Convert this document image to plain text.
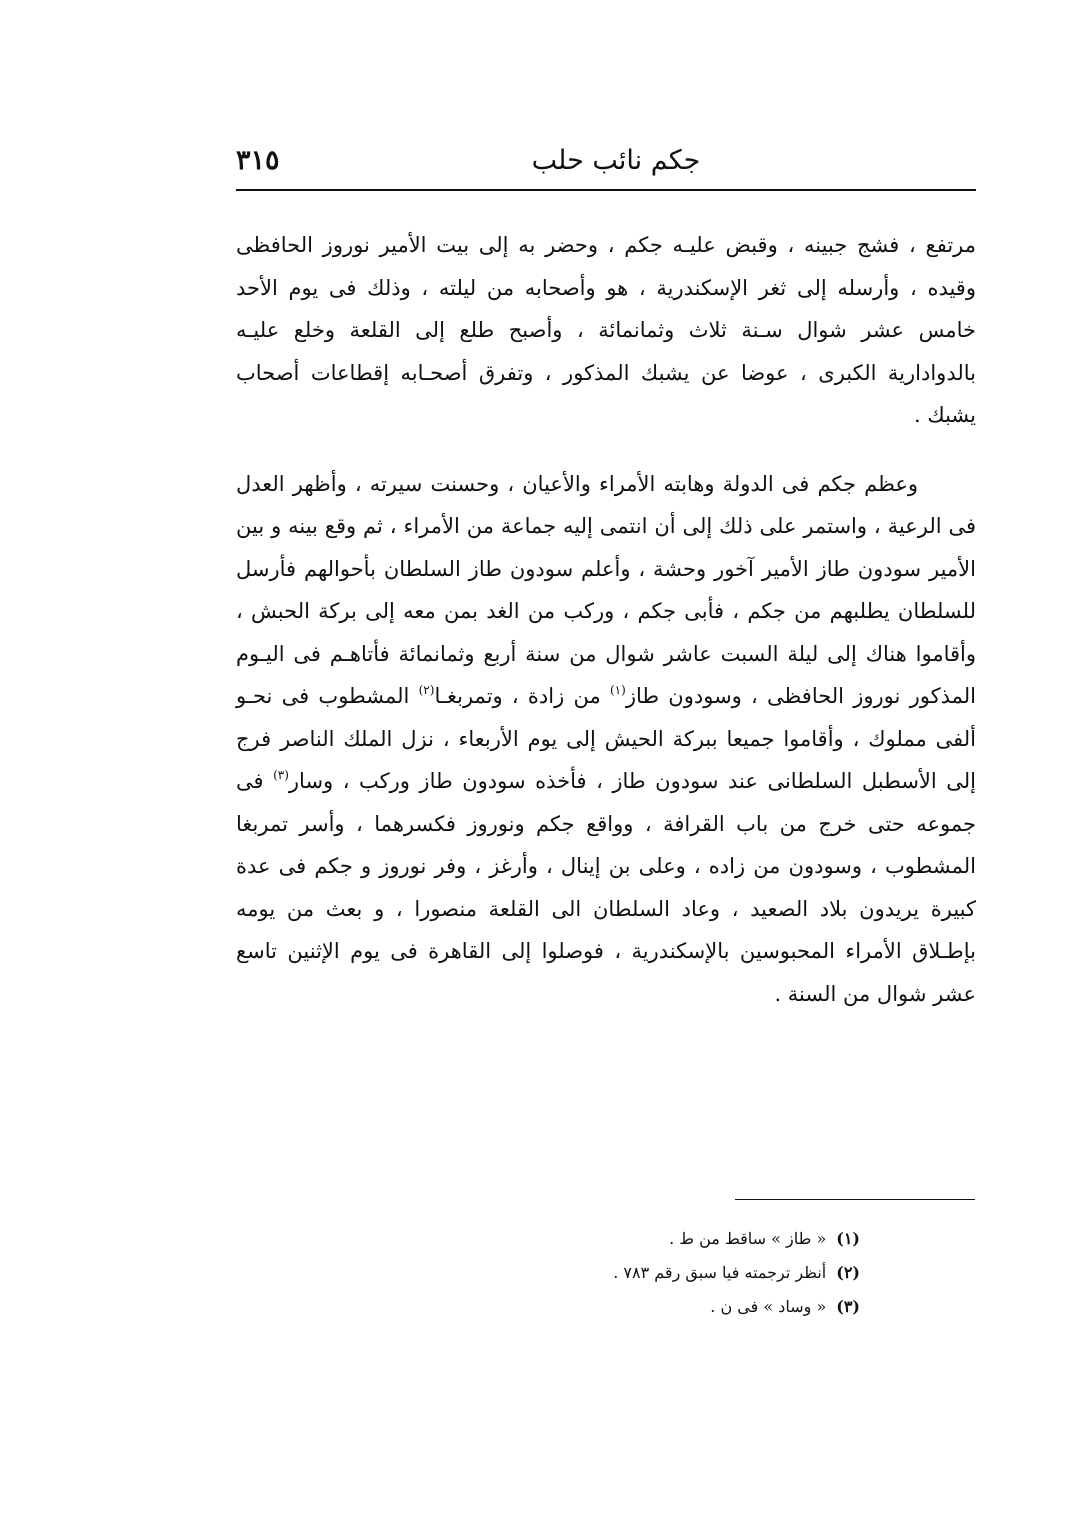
٣١٥	جكم نائب حلب

مرتفع ، فشج جبينه ، وقبض عليـه جكم ، وحضر به إلى بيت الأمير نوروز الحافظى وقيده ، وأرسله إلى ثغر الإسكندرية ، هو وأصحابه من ليلته ، وذلك فى يوم الأحد خامس عشر شوال سـنة ثلاث وثمانمائة ، وأصبح طلع إلى القلعة وخلع عليـه بالدوادارية الكبرى ، عوضا عن يشبك المذكور ، وتفرق أصحـابه إقطاعات أصحاب يشبك .

وعظم جكم فى الدولة وهابته الأمراء والأعيان ، وحسنت سيرته ، وأظهر العدل فى الرعية ، واستمر على ذلك إلى أن انتمى إليه جماعة من الأمراء ، ثم وقع بينه و بين الأمير سودون طاز الأمير آخور وحشة ، وأعلم سودون طاز السلطان بأحوالهم فأرسل للسلطان يطلبهم من جكم ، فأبى جكم ، وركب من الغد بمن معه إلى بركة الحبش ، وأقاموا هناك إلى ليلة السبت عاشر شوال من سنة أربع وثمانمائة فأتاهـم فى اليـوم المذكور نوروز الحافظى ، وسودون طاز$^{(١)}$ من زادة ، وتمربغـا$^{(٢)}$ المشطوب فى نحـو ألفى مملوك ، وأقاموا جميعا ببركة الحيش إلى يوم الأربعاء ، نزل الملك الناصر فرج إلى الأسطبل السلطانى عند سودون طاز ، فأخذه سودون طاز وركب ، وسار$^{(٣)}$ فى جموعه حتى خرج من باب القرافة ، وواقع جكم ونوروز فكسرهما ، وأسر تمربغا المشطوب ، وسودون من زاده ، وعلى بن إينال ، وأرغز ، وفر نوروز و جكم فى عدة كبيرة يريدون بلاد الصعيد ، وعاد السلطان الى القلعة منصورا ، و بعث من يومه بإطـلاق الأمراء المحبوسين بالإسكندرية ، فوصلوا إلى القاهرة فى يوم الإثنين تاسع عشر شوال من السنة .

(١)« طاز » ساقط من ط .
(٢)أنظر ترجمته فيا سبق رقم ٧٨٣ .
(٣)« وساد » فى ن .
